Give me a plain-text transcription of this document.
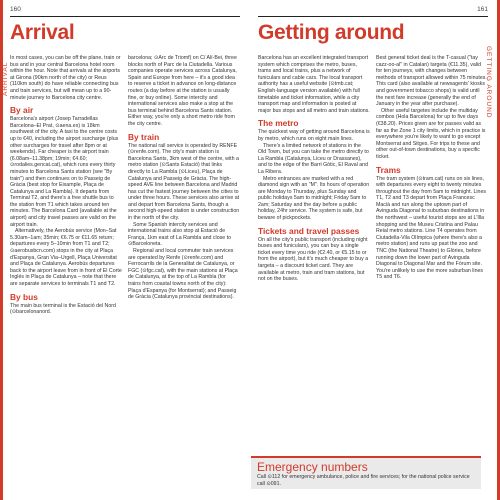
160
ARRIVAL
Arrival

In most cases, you can be off the plane, train or bus and in your central Barcelona hotel room within the hour. Note that arrivals at the airports at Girona (90km north of the city) or Reus (110km south) do have reliable connecting bus and train services, but will mean up to a 90-minute journey to Barcelona city centre.

By air

Barcelona's airport (Josep Tarradellas Barcelona–El Prat, ⊙aena.es) is 18km southwest of the city. A taxi to the centre costs up to €40, including the airport surcharge (plus other surcharges for travel after 8pm or at weekends). Far cheaper is the airport train (6.08am–11.38pm; 19min; €4.60; ⊙rodalies.gencat.cat), which runs every thirty minutes to Barcelona Sants station (see "By train") and then continues on to Passeig de Gràcia (best stop for Eixample, Plaça de Catalunya and La Rambla). It departs from Terminal T2, and there's a free shuttle bus to the station from T1 which takes around ten minutes. The Barcelona Card (available at the airport) and city travel passes are valid on the airport train.

Alternatively, the Aerobús service (Mon–Sat 5.30am–1am; 35min; €6.75 or €11.65 return; departures every 5–10min from T1 and T2; ⊙aerobusbcn.com) stops in the city at Plaça d'Espanya, Gran Via–Urgell, Plaça Universitat and Plaça de Catalunya. Aerobús departures back to the airport leave from in front of El Corte Inglés in Plaça de Catalunya – note that there are separate services to terminals T1 and T2.

By bus

The main bus terminal is the Estació del Nord (⊙barcelonanord.

barcelona; ⊙Arc de Triomf) on C/ Alí-Bei, three blocks north of Parc de la Ciutadella. Various companies operate services across Catalunya, Spain and Europe from here – it's a good idea to reserve a ticket in advance on long-distance routes (a day before at the station is usually fine, or buy online). Some intercity and international services also make a stop at the bus terminal behind Barcelona Sants station. Either way, you're only a short metro ride from the city centre.

By train

The national rail service is operated by RENFE (⊙renfe.com). The city's main station is Barcelona Sants, 3km west of the centre, with a metro station (⊙Sants Estació) that links directly to La Rambla (⊙Liceu), Plaça de Catalunya and Passeig de Gràcia. The high-speed AVE line between Barcelona and Madrid has cut the fastest journey between the cities to under three hours. These services also arrive at and depart from Barcelona Sants, though a second high-speed station is under construction in the north of the city.

Some Spanish intercity services and international trains also stop at Estació de França, 1km east of La Rambla and close to ⊙Barceloneta.

Regional and local commuter train services are operated by Renfe (⊙renfe.com) and Ferrocarrils de la Generalitat de Catalunya, or FGC (⊙fgc.cat), with the main stations at Plaça de Catalunya, at the top of La Rambla (for trains from coastal towns north of the city): Plaça d'Espanya (for Montserrat); and Passeig de Gràcia (Catalunya provincial destinations).

161
GETTING AROUND
Getting around

Barcelona has an excellent integrated transport system which comprises the metro, buses, trams and local trains, plus a network of funiculars and cable cars. The local transport authority has a useful website (⊙tmb.cat; English-language version available) with full timetable and ticket information, while a city transport map and information is posted at major bus stops and all metro and train stations.

The metro

The quickest way of getting around Barcelona is by metro, which runs on eight main lines.

There's a limited network of stations in the Old Town, but you can take the metro directly to La Rambla (Catalunya, Liceu or Drassanes), and to the edge of the Barri Gòtic, El Raval and La Ribera.

Metro entrances are marked with a red diamond sign with an "M". Its hours of operation are Monday to Thursday, plus Sunday and public holidays 5am to midnight; Friday 5am to 2am; Saturday and the day before a public holiday, 24hr service. The system is safe, but beware of pickpockets.

Tickets and travel passes

On all the city's public transport (including night buses and funiculars), you can buy a single ticket every time you ride (€2.40, or €5.15 to or from the airport), but it's much cheaper to buy a targeta – a discount ticket card. They are available at metro, train and tram stations, but not on the buses.

Best general ticket deal is the T-casual ("tay cazz-oo-al" in Catalan) targeta (€11.35), valid for ten journeys, with changes between methods of transport allowed within 75 minutes. This card (also available at newsagents' kiosks and government tobacco shops) is valid until the next fare increase (generally the end of January in the year after purchase).

Other useful targetes include the multiday combos (Hola Barcelona) for up to five days (€38.20). Prices given are for passes valid as far as the Zone 1 city limits, which in practice is everywhere you're likely to want to go except Montserrat and Sitges. For trips to these and other out-of-town destinations, buy a specific ticket.

Trams

The tram system (⊙tram.cat) runs on six lines, with departures every eight to twenty minutes throughout the day from 5am to midnight. Lines T1, T2 and T3 depart from Plaça Francesc Macià and run along the uptown part of Avinguda Diagonal to suburban destinations in the northwest – useful tourist stops are at L'Illa shopping and the Museu Cristina and Palau Reial metro stations. Line T4 operates from Ciutadella-Vila Olímpica (where there's also a metro station) and runs up past the zoo and TNC (the National Theatre) to Glòries, before running down the lower part of Avinguda Diagonal to Diagonal Mar and the Fòrum site. You're unlikely to use the more suburban lines T5 and T6.

Emergency numbers
Call ⊙112 for emergency ambulance, police and fire services; for the national police service call ⊙091.
